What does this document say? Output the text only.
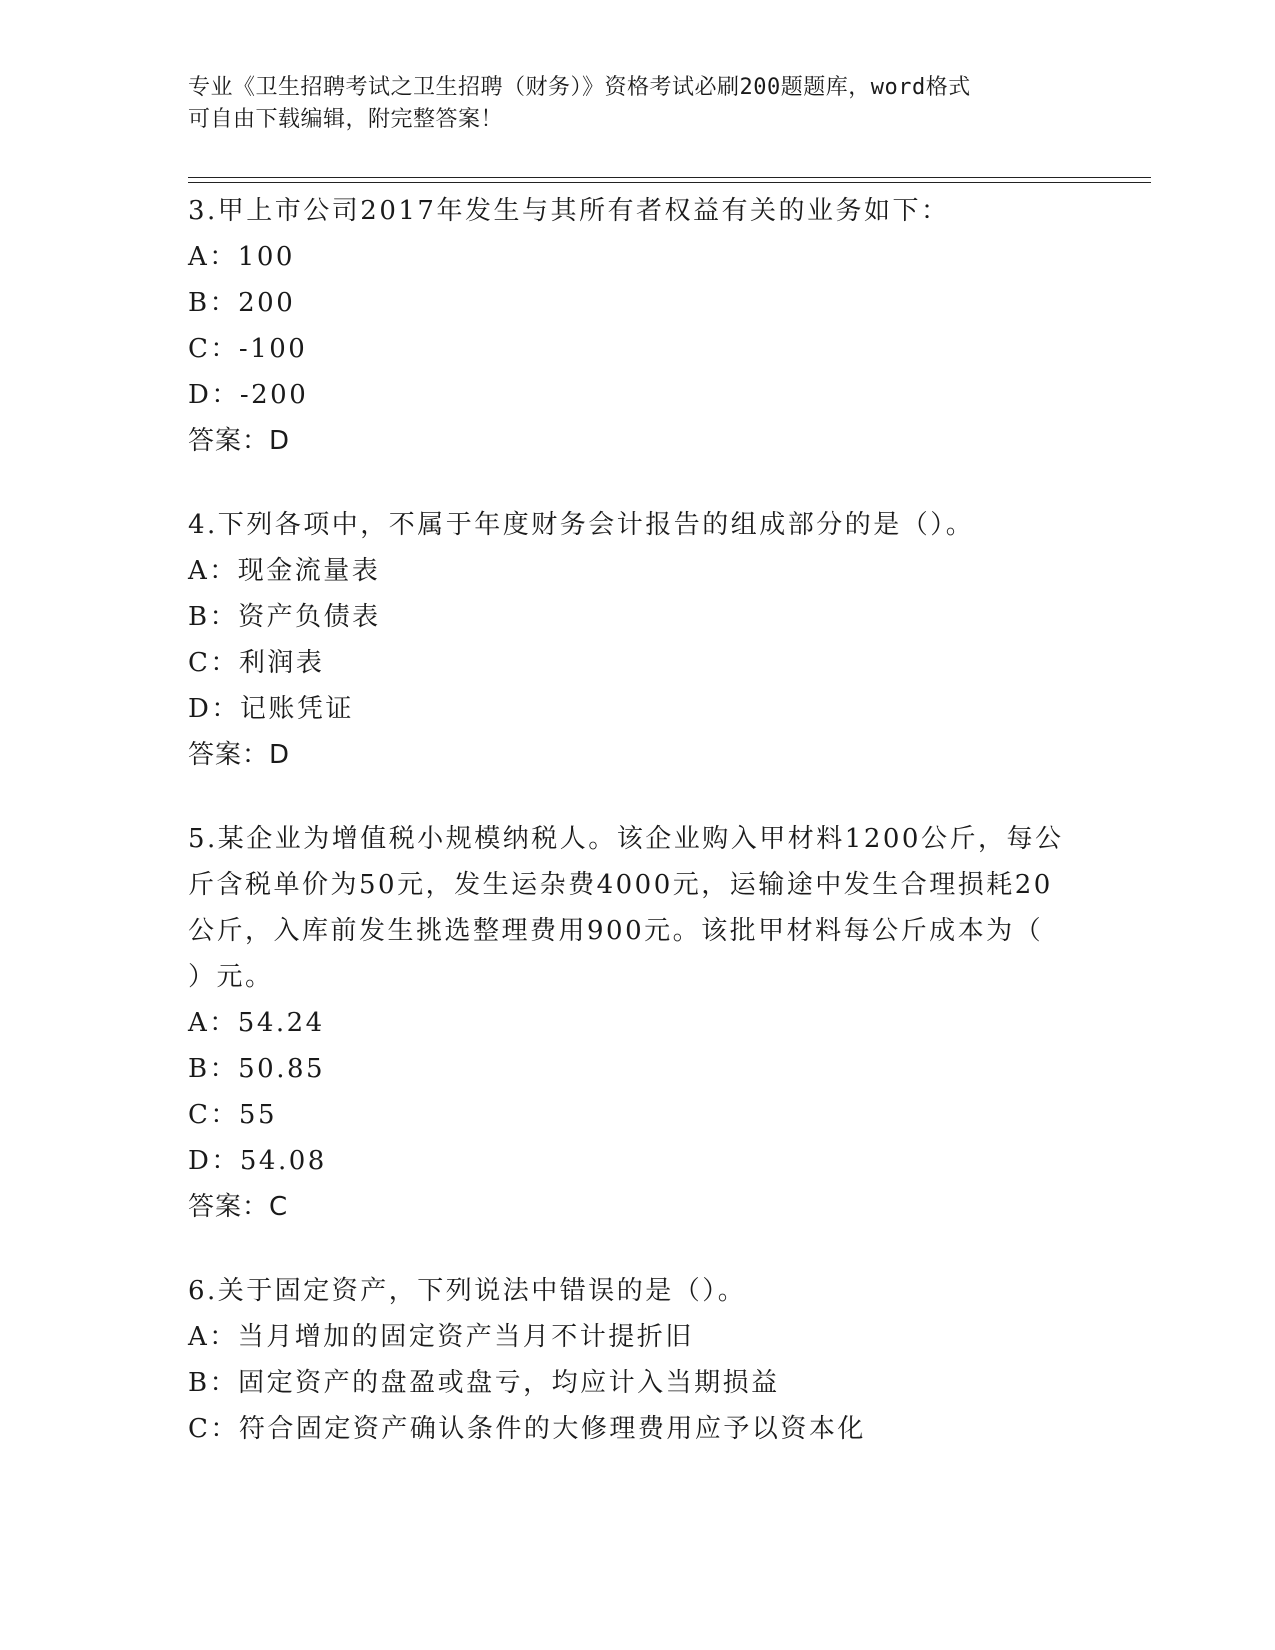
专业《卫生招聘考试之卫生招聘（财务）》资格考试必刷200题题库，word格式
可自由下载编辑，附完整答案！
3.甲上市公司2017年发生与其所有者权益有关的业务如下：
A：100
B：200
C：-100
D：-200
答案：D
4.下列各项中，不属于年度财务会计报告的组成部分的是（）。
A：现金流量表
B：资产负债表
C：利润表
D：记账凭证
答案：D
5.某企业为增值税小规模纳税人。该企业购入甲材料1200公斤，每公
斤含税单价为50元，发生运杂费4000元，运输途中发生合理损耗20
公斤，入库前发生挑选整理费用900元。该批甲材料每公斤成本为（
）元。
A：54.24
B：50.85
C：55
D：54.08
答案：C
6.关于固定资产，下列说法中错误的是（）。
A：当月增加的固定资产当月不计提折旧
B：固定资产的盘盈或盘亏，均应计入当期损益
C：符合固定资产确认条件的大修理费用应予以资本化
